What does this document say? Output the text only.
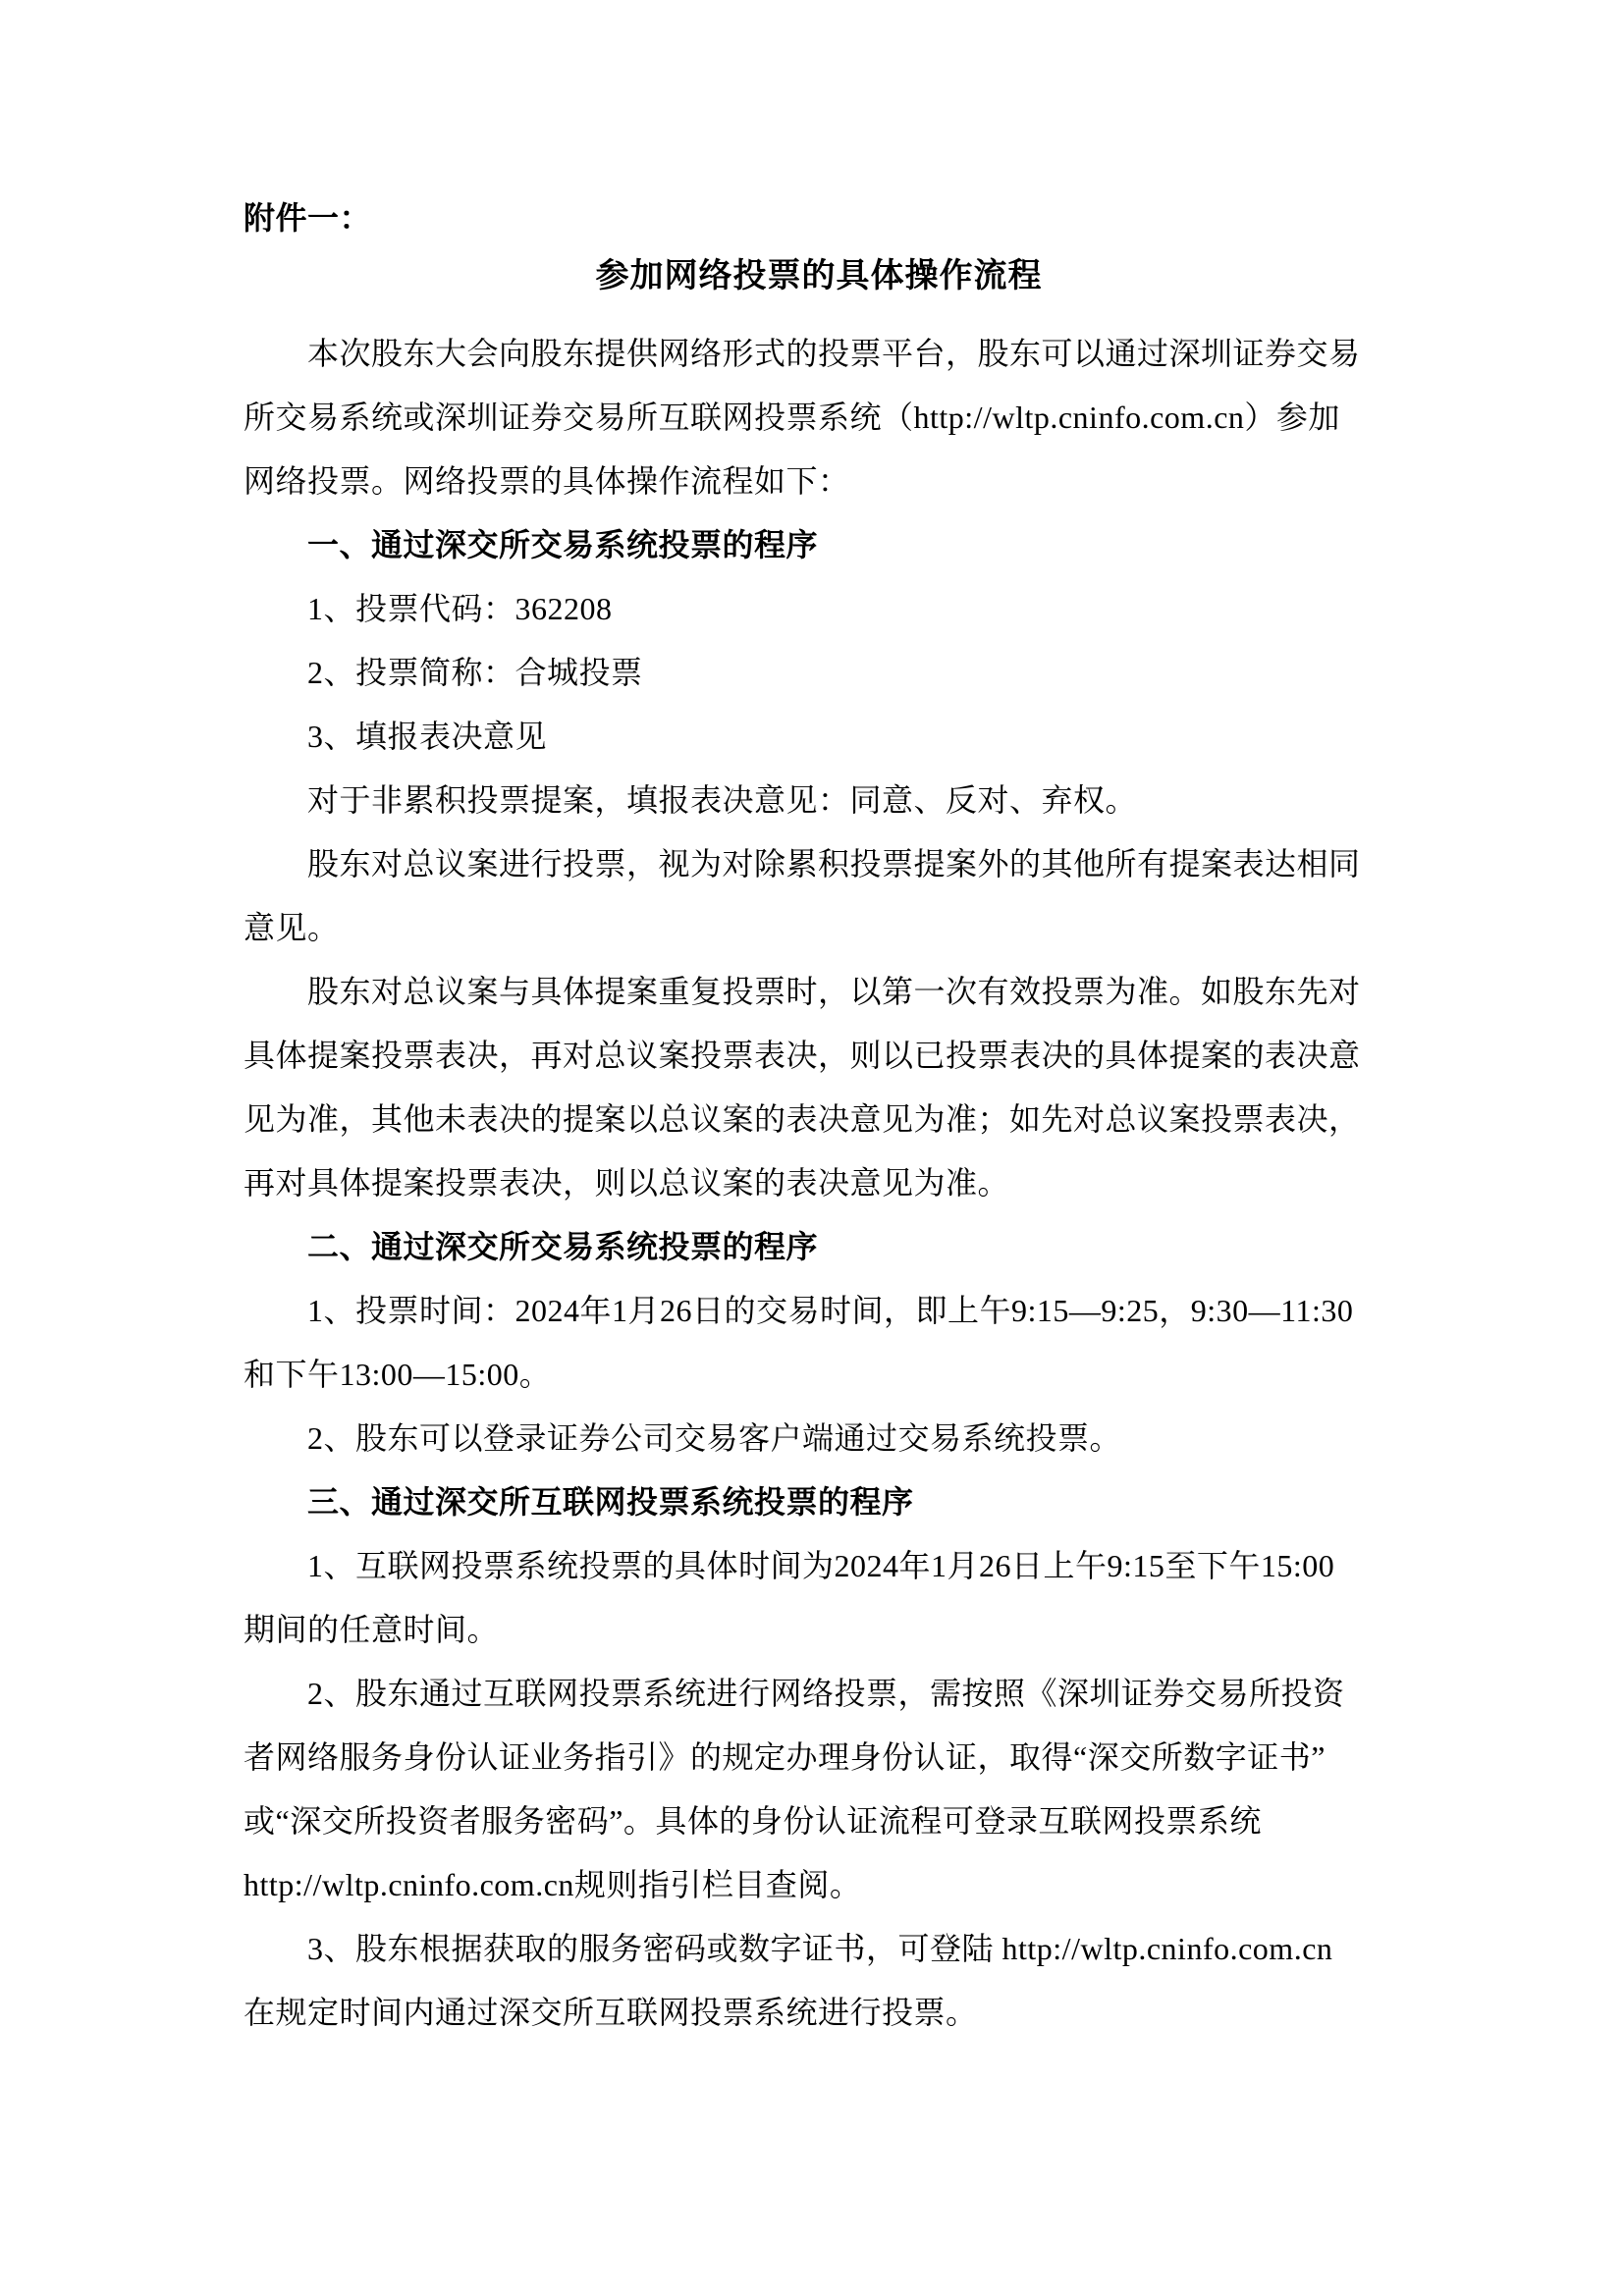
附件一：
参加网络投票的具体操作流程
本次股东大会向股东提供网络形式的投票平台，股东可以通过深圳证券交易
所交易系统或深圳证券交易所互联网投票系统（http://wltp.cninfo.com.cn）参加
网络投票。网络投票的具体操作流程如下：
一、通过深交所交易系统投票的程序
1、投票代码：362208
2、投票简称：合城投票
3、填报表决意见
对于非累积投票提案，填报表决意见：同意、反对、弃权。
股东对总议案进行投票，视为对除累积投票提案外的其他所有提案表达相同
意见。
股东对总议案与具体提案重复投票时，以第一次有效投票为准。如股东先对
具体提案投票表决，再对总议案投票表决，则以已投票表决的具体提案的表决意
见为准，其他未表决的提案以总议案的表决意见为准；如先对总议案投票表决，
再对具体提案投票表决，则以总议案的表决意见为准。
二、通过深交所交易系统投票的程序
1、投票时间：2024年1月26日的交易时间，即上午9:15—9:25，9:30—11:30
和下午13:00—15:00。
2、股东可以登录证券公司交易客户端通过交易系统投票。
三、通过深交所互联网投票系统投票的程序
1、互联网投票系统投票的具体时间为2024年1月26日上午9:15至下午15:00
期间的任意时间。
2、股东通过互联网投票系统进行网络投票，需按照《深圳证券交易所投资
者网络服务身份认证业务指引》的规定办理身份认证，取得“深交所数字证书”
或“深交所投资者服务密码”。具体的身份认证流程可登录互联网投票系统
http://wltp.cninfo.com.cn规则指引栏目查阅。
3、股东根据获取的服务密码或数字证书，可登陆 http://wltp.cninfo.com.cn
在规定时间内通过深交所互联网投票系统进行投票。
